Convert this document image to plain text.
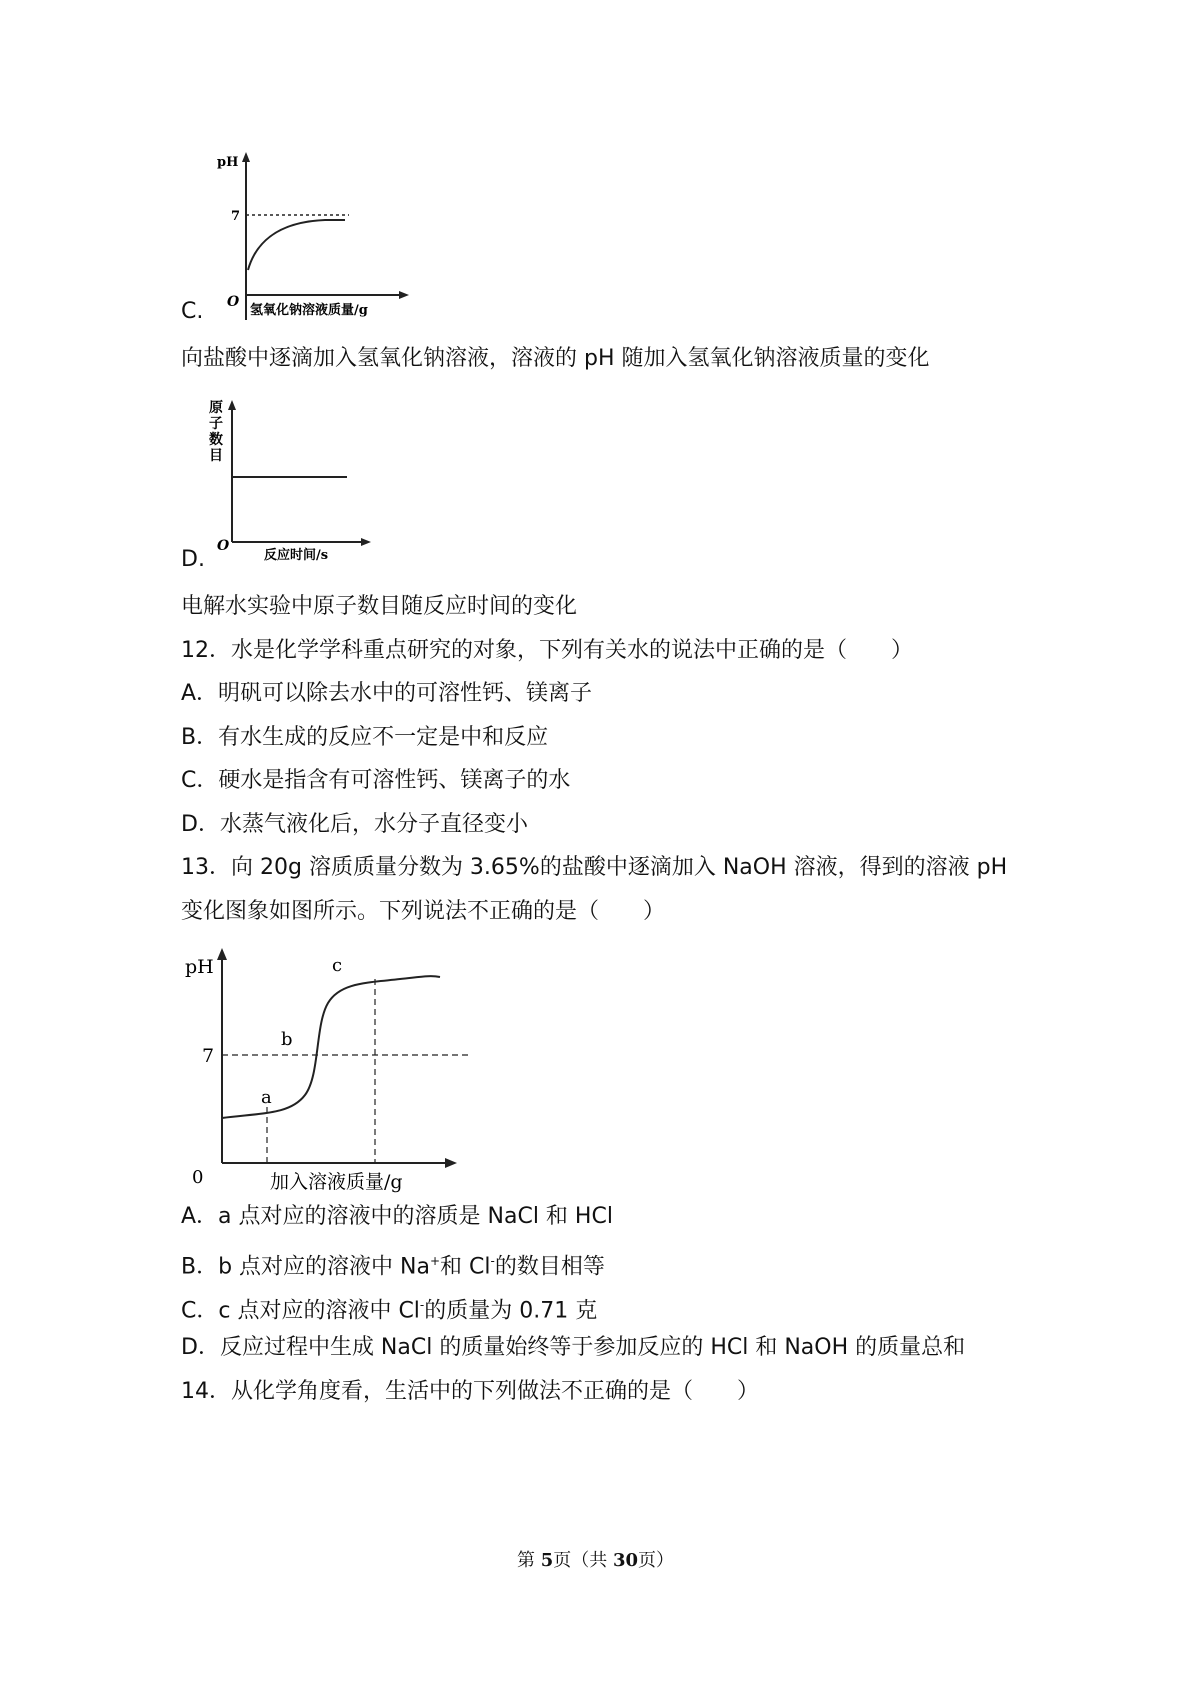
pH
7
O
氢氧化钠溶液质量/g
C.
向盐酸中逐滴加入氢氧化钠溶液，溶液的 pH 随加入氢氧化钠溶液质量的变化
原
子
数
目
O
反应时间/s
D.
电解水实验中原子数目随反应时间的变化
12．水是化学学科重点研究的对象，下列有关水的说法中正确的是（　　）
A．明矾可以除去水中的可溶性钙、镁离子
B．有水生成的反应不一定是中和反应
C．硬水是指含有可溶性钙、镁离子的水
D．水蒸气液化后，水分子直径变小
13．向 20g 溶质质量分数为 3.65%的盐酸中逐滴加入 NaOH 溶液，得到的溶液 pH
变化图象如图所示。下列说法不正确的是（　　）
pH
7
a
b
c
0	加入溶液质量/g
A．a 点对应的溶液中的溶质是 NaCl 和 HCl
B．b 点对应的溶液中 Na+和 Cl-的数目相等
C．c 点对应的溶液中 Cl-的质量为 0.71 克
D．反应过程中生成 NaCl 的质量始终等于参加反应的 HCl 和 NaOH 的质量总和
14．从化学角度看，生活中的下列做法不正确的是（　　）
第 5页（共 30页）
